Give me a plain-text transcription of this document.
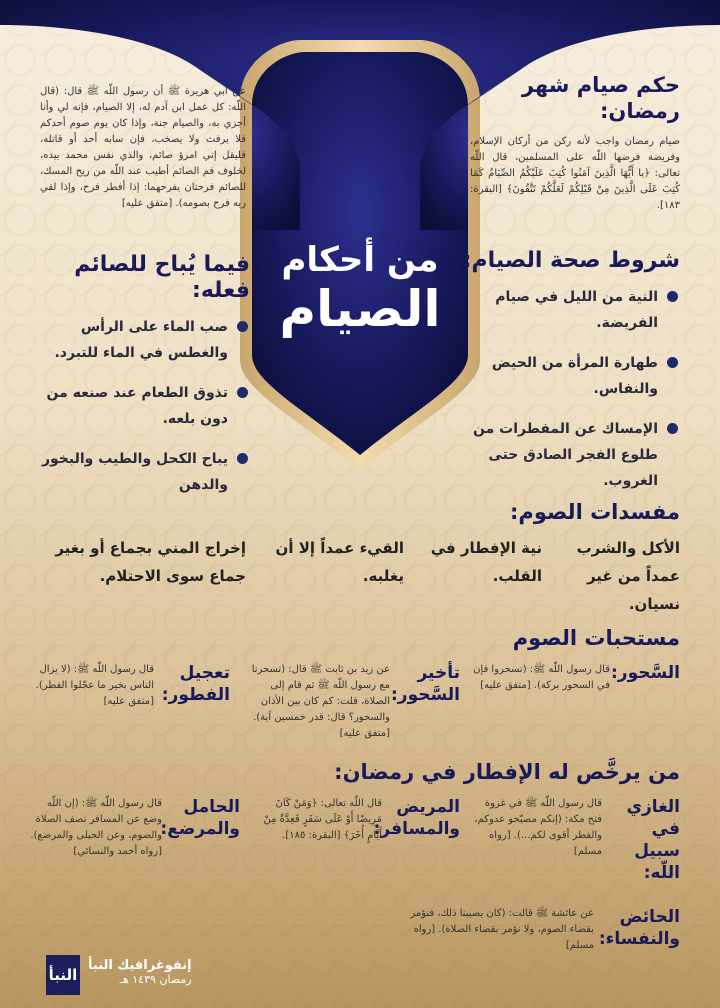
من أحكام
الصيام
حكم صيام شهر رمضان:
صيام رمضان واجب لأنه ركن من أركان الإسلام، وفريضة فرضها اللّه على المسلمين، قال اللّه تعالى: ﴿يا أَيُّهَا الَّذِينَ آمَنُوا كُتِبَ عَلَيْكُمُ الصِّيَامُ كَمَا كُتِبَ عَلَى الَّذِينَ مِنْ قَبْلِكُمْ لَعَلَّكُمْ تَتَّقُونَ﴾ [البقرة: ١٨٣].
عن أبي هريرة ﷺ أن رسول اللّه ﷺ قال: (قال اللّه: كل عمل ابن آدم له، إلا الصيام، فإنه لي وأنا أجزي به، والصيام جنة، وإذا كان يوم صوم أحدكم فلا يرفث ولا يصخب، فإن سابه أحد أو قاتله، فليقل إني امرؤ صائم، والذي نفس محمد بيده، لخلوف فم الصائم أطيب عند اللّه من ريح المسك، للصائم فرحتان يفرحهما: إذا أفطر فرح، وإذا لقي ربه فرح بصومه). [متفق عليه]
شروط صحة الصيام:
النية من الليل في صيام الفريضة.
طهارة المرأة من الحيض والنفاس.
الإمساك عن المفطرات من طلوع الفجر الصادق حتى الغروب.
فيما يُباح للصائم فعله:
صب الماء على الرأس والغطس في الماء للتبرد.
تذوق الطعام عند صنعه من دون بلعه.
يباح الكحل والطيب والبخور والدهن
مفسدات الصوم:
الأكل والشرب عمداً من غير نسيان.
نية الإفطار في القلب.
القيء عمداً إلا أن يغلبه.
إخراج المني بجماع أو بغير جماع سوى الاحتلام.
مستحبات الصوم
السَّحور:
قال رسول اللّه ﷺ: (تسحروا فإن في السحور بركة). [متفق عليه]
تأخير السَّحور:
عن زيد بن ثابت ﷺ قال: (تسحرنا مع رسول اللّه ﷺ ثم قام إلى الصلاة، قلت: كم كان بين الأذان والسحور؟ قال: قدر خمسين آية). [متفق عليه]
تعجيل الفطور:
قال رسول اللّه ﷺ: (لا يزال الناس بخير ما عجّلوا الفطر). [متفق عليه]
من يرخَّص له الإفطار في رمضان:
الغازي في سبيل اللّه:
قال رسول اللّه ﷺ في غزوة فتح مكة: (إنكم مصبّحو عدوكم، والفطر أقوى لكم...). [رواه مسلم]
المريض والمسافر:
قال اللّه تعالى: ﴿وَمَنْ كَانَ مَرِيضًا أَوْ عَلَى سَفَرٍ فَعِدَّةٌ مِنْ أَيَّامٍ أُخَرَ﴾ [البقرة: ١٨٥].
الحامل والمرضع:
قال رسول اللّه ﷺ: (إن اللّه وضع عن المسافر نصف الصلاة والصوم، وعن الحبلى والمرضع). [رواه أحمد والنسائي]
الحائض والنفساء:
عن عائشة ﷺ قالت: (كان يصيبنا ذلك، فنؤمر بقضاء الصوم، ولا نؤمر بقضاء الصلاة). [رواه مسلم]
النبأ
إنفوغرافيك النبأ
رمضان ١٤٣٩ هـ
